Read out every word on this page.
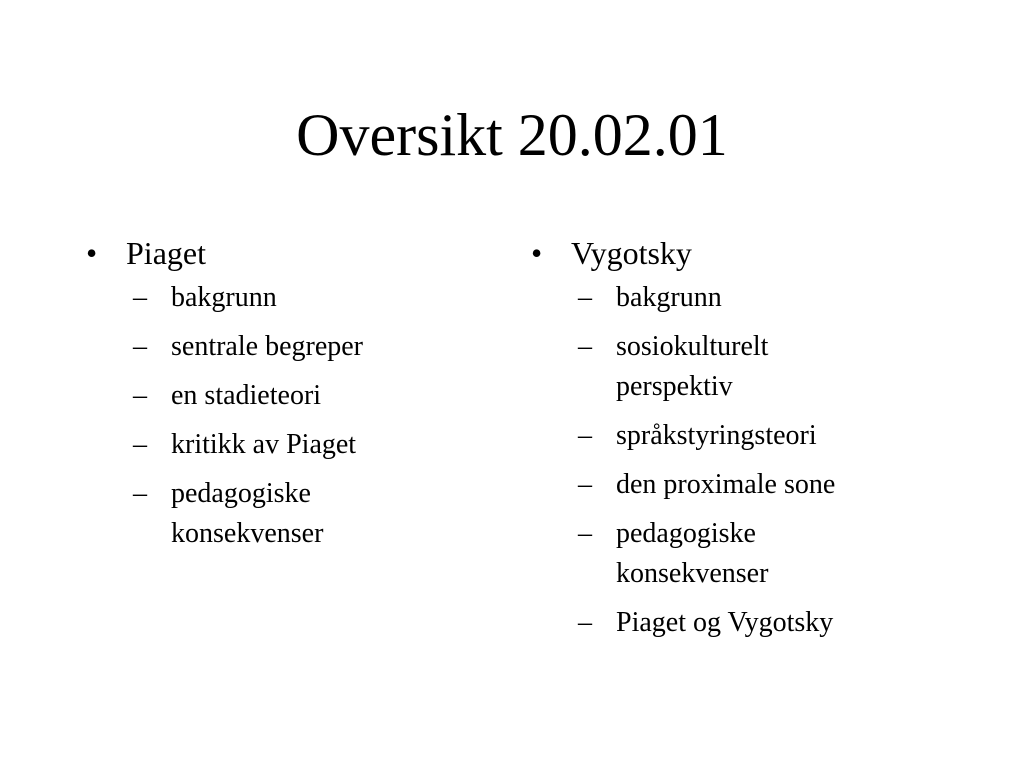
Oversikt 20.02.01
• Piaget
– bakgrunn
– sentrale begreper
– en stadieteori
– kritikk av Piaget
– pedagogiske
konsekvenser
• Vygotsky
– bakgrunn
– sosiokulturelt
perspektiv
– språkstyringsteori
– den proximale sone
– pedagogiske
konsekvenser
– Piaget og Vygotsky
